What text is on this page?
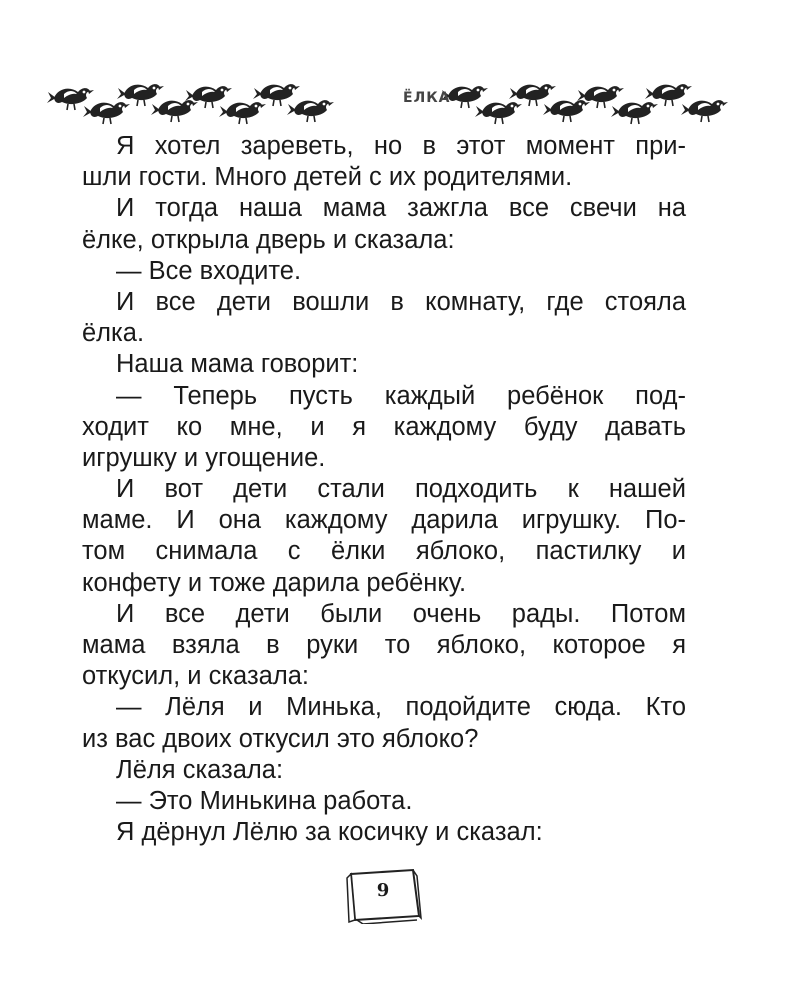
ЁЛКА
Я хотел зареветь, но в этот момент при-
шли гости. Много детей с их родителями.
И тогда наша мама зажгла все свечи на
ёлке, открыла дверь и сказала:
— Все входите.
И все дети вошли в комнату, где стояла
ёлка.
Наша мама говорит:
— Теперь пусть каждый ребёнок под-
ходит ко мне, и я каждому буду давать
игрушку и угощение.
И вот дети стали подходить к нашей
маме. И она каждому дарила игрушку. По-
том снимала с ёлки яблоко, пастилку и
конфету и тоже дарила ребёнку.
И все дети были очень рады. Потом
мама взяла в руки то яблоко, которое я
откусил, и сказала:
— Лёля и Минька, подойдите сюда. Кто
из вас двоих откусил это яблоко?
Лёля сказала:
— Это Минькина работа.
Я дёрнул Лёлю за косичку и сказал:
9
